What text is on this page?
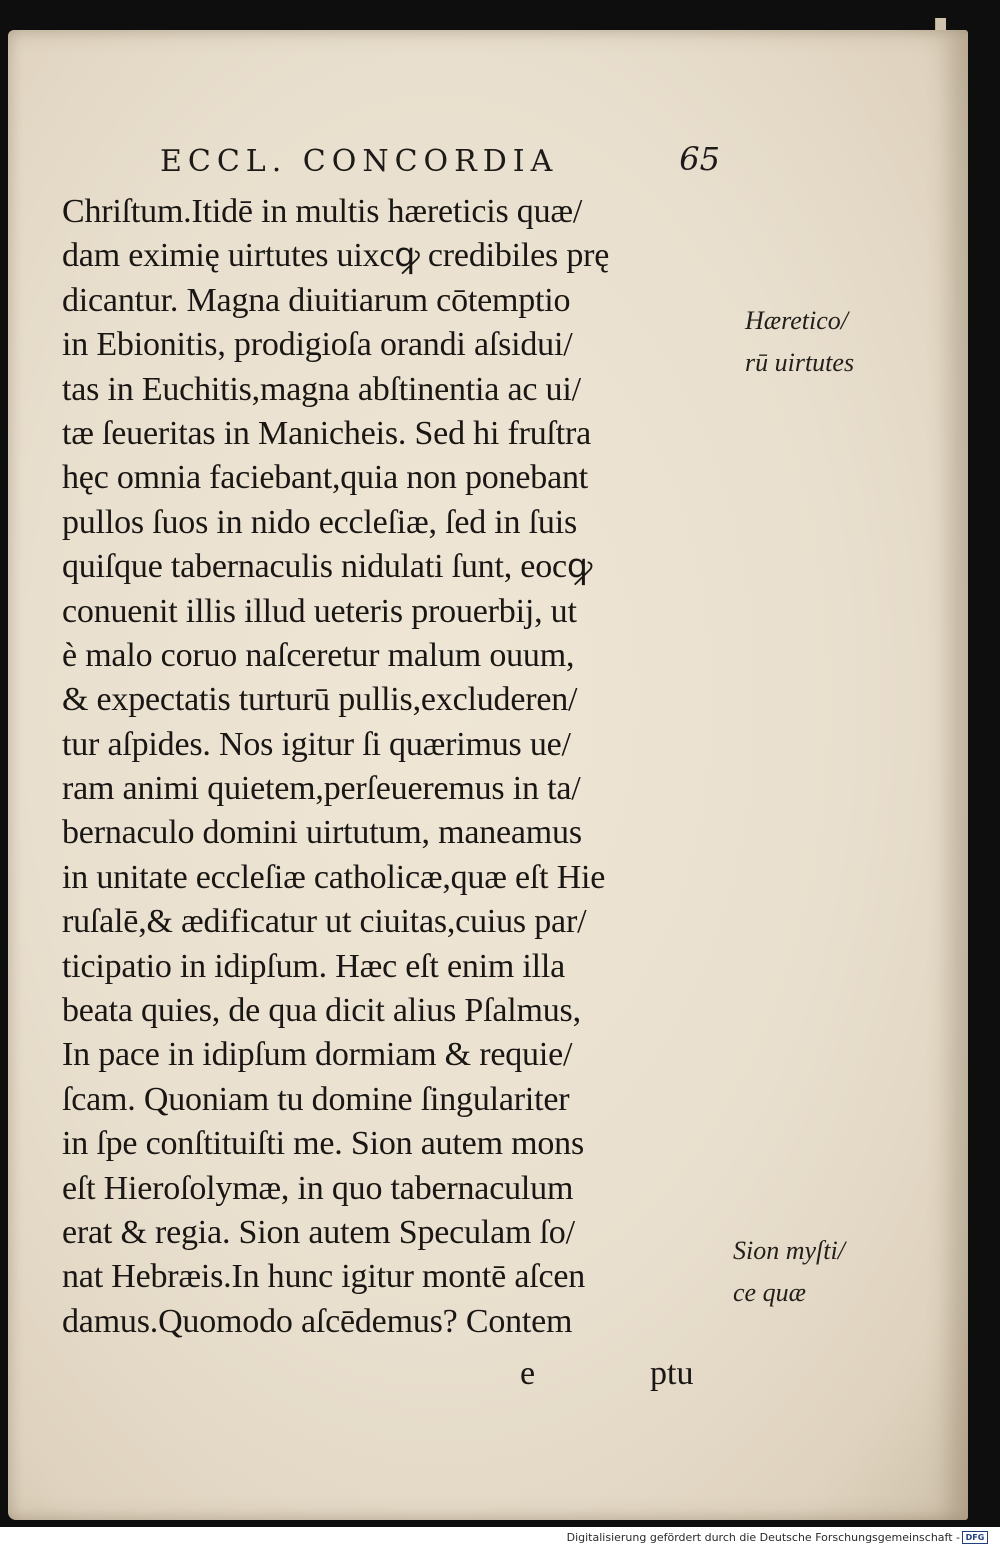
ECCL. CONCORDIA	65
Chriſtum.Itidē in multis hæreticis quæ/
dam eximię uirtutes uixcꝙ credibiles prę
dicantur. Magna diuitiarum cōtemptio
in Ebionitis, prodigioſa orandi aſsidui/
tas in Euchitis,magna abſtinentia ac ui/
tæ ſeueritas in Manicheis. Sed hi fruſtra
hęc omnia faciebant,quia non ponebant
pullos ſuos in nido eccleſiæ, ſed in ſuis
quiſque tabernaculis nidulati ſunt, eocꝙ
conuenit illis illud ueteris prouerbij, ut
è malo coruo naſceretur malum ouum,
& expectatis turturū pullis,excluderen/
tur aſpides. Nos igitur ſi quærimus ue/
ram animi quietem,perſeueremus in ta/
bernaculo domini uirtutum, maneamus
in unitate eccleſiæ catholicæ,quæ eſt Hie
ruſalē,& ædificatur ut ciuitas,cuius par/
ticipatio in idipſum. Hæc eſt enim illa
beata quies, de qua dicit alius Pſalmus,
In pace in idipſum dormiam & requie/
ſcam. Quoniam tu domine ſingulariter
in ſpe conſtituiſti me. Sion autem mons
eſt Hieroſolymæ, in quo tabernaculum
erat & regia. Sion autem Speculam ſo/
nat Hebræis.In hunc igitur montē aſcen
damus.Quomodo aſcēdemus? Contem
e	ptu
Hæretico/
rū uirtutes
Sion myſti/
ce quæ
Digitalisierung gefördert durch die Deutsche Forschungsgemeinschaft - DFG
